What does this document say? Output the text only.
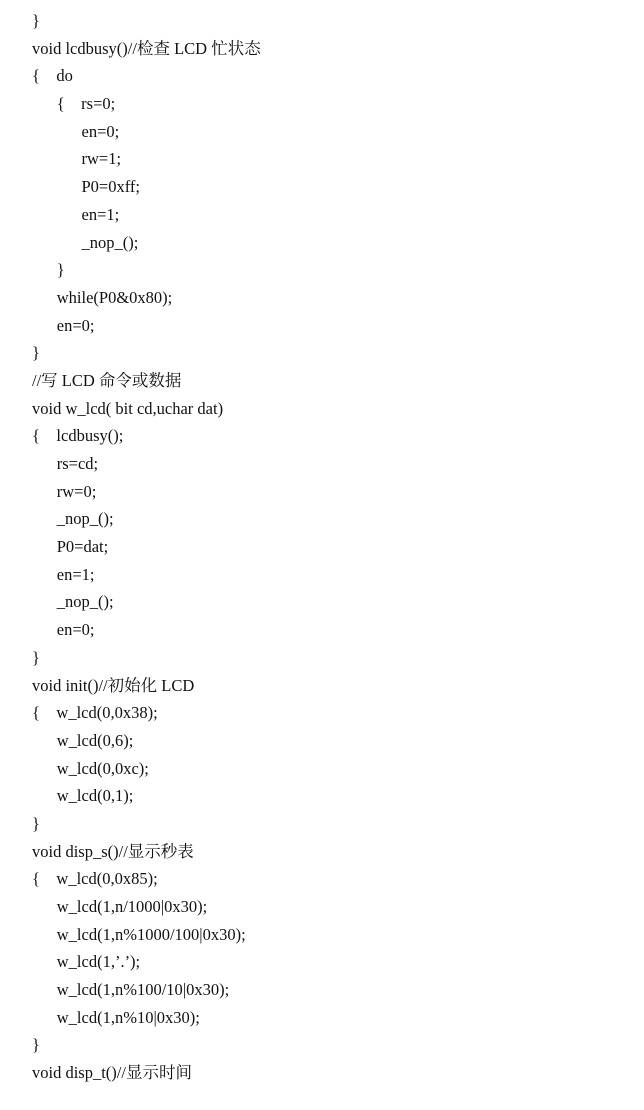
}
void lcdbusy()//检查 LCD 忙状态
{    do
{    rs=0;
en=0;
rw=1;
P0=0xff;
en=1;
_nop_();
}
while(P0&0x80);
en=0;
}
//写 LCD 命令或数据
void w_lcd( bit cd,uchar dat)
{    lcdbusy();
rs=cd;
rw=0;
_nop_();
P0=dat;
en=1;
_nop_();
en=0;
}
void init()//初始化 LCD
{    w_lcd(0,0x38);
w_lcd(0,6);
w_lcd(0,0xc);
w_lcd(0,1);
}
void disp_s()//显示秒表
{    w_lcd(0,0x85);
w_lcd(1,n/1000|0x30);
w_lcd(1,n%1000/100|0x30);
w_lcd(1,’.’);
w_lcd(1,n%100/10|0x30);
w_lcd(1,n%10|0x30);
}
void disp_t()//显示时间
